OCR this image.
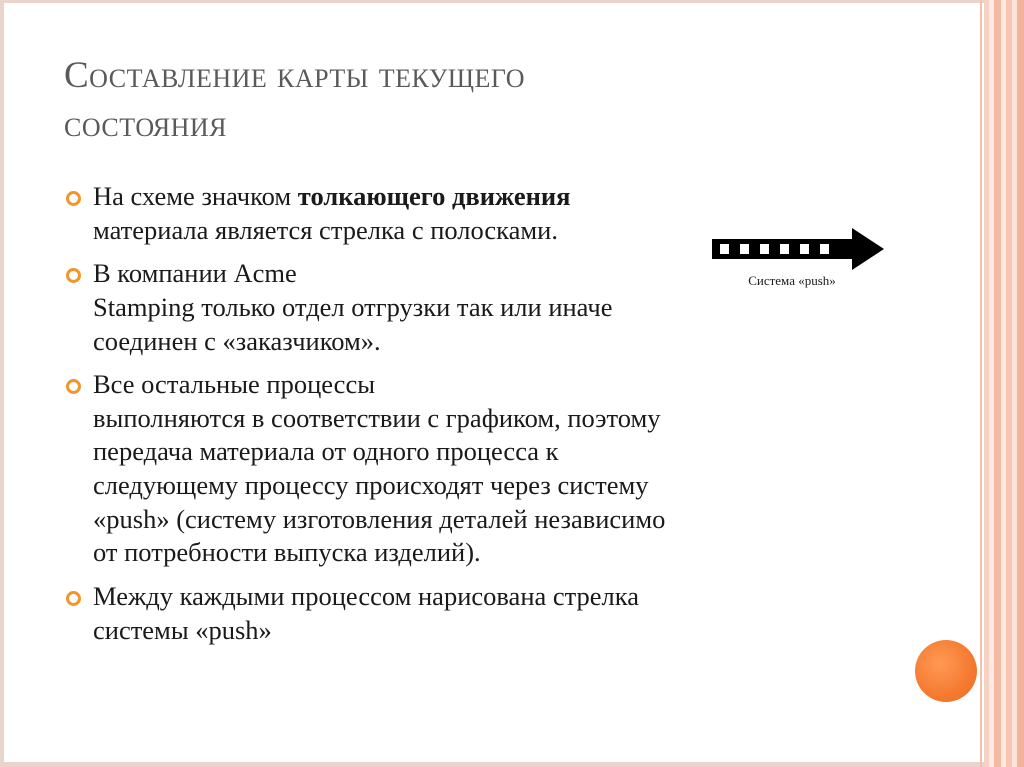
Составление карты текущего
состояния
На схеме значком толкающего движения
материала является стрелка с полосками.
В компании Acme
Stamping только отдел отгрузки так или иначе
соединен с «заказчиком».
Все остальные процессы
выполняются в соответствии с графиком, поэтому
передача материала от одного процесса к
следующему процессу происходят через систему
«push» (систему изготовления деталей независимо
от потребности выпуска изделий).
Между каждыми процессом нарисована стрелка
системы «push»
Система «push»
